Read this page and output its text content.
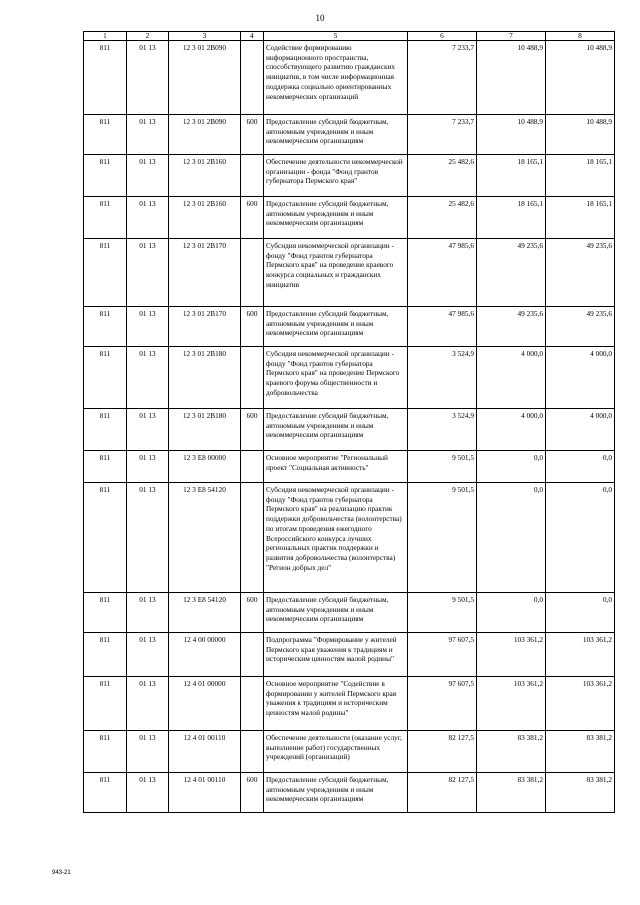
10
1	2	3	4	5	6	7	8
811	01 13	12 3 01 2В090		Содействие формированию информационного пространства, способствующего развитию гражданских инициатив, в том числе информационная поддержка социально ориентированных некоммерческих организаций	7 233,7	10 488,9	10 488,9
811	01 13	12 3 01 2В090	600	Предоставление субсидий бюджетным, автономным учреждениям и иным некоммерческим организациям	7 233,7	10 488,9	10 488,9
811	01 13	12 3 01 2В160		Обеспечение деятельности некоммерческой организации - фонда "Фонд грантов губернатора Пермского края"	25 482,6	18 165,1	18 165,1
811	01 13	12 3 01 2В160	600	Предоставление субсидий бюджетным, автономным учреждениям и иным некоммерческим организациям	25 482,6	18 165,1	18 165,1
811	01 13	12 3 01 2В170		Субсидия некоммерческой организации - фонду "Фонд грантов губернатора Пермского края" на проведение краевого конкурса социальных и гражданских инициатив	47 985,6	49 235,6	49 235,6
811	01 13	12 3 01 2В170	600	Предоставление субсидий бюджетным, автономным учреждениям и иным некоммерческим организациям	47 985,6	49 235,6	49 235,6
811	01 13	12 3 01 2В180		Субсидия некоммерческой организации - фонду "Фонд грантов губернатора Пермского края" на проведение Пермского краевого форума общественности и добровольчества	3 524,9	4 000,0	4 000,0
811	01 13	12 3 01 2В180	600	Предоставление субсидий бюджетным, автономным учреждениям и иным некоммерческим организациям	3 524,9	4 000,0	4 000,0
811	01 13	12 3 E8 00000		Основное мероприятие "Региональный проект "Социальная активность"	9 501,5	0,0	0,0
811	01 13	12 3 E8 54120		Субсидия некоммерческой организации - фонду "Фонд грантов губернатора Пермского края" на реализацию практик поддержки добровольчества (волонтерства) по итогам проведения ежегодного Всероссийского конкурса лучших региональных практик поддержки и развития добровольчества (волонтерства) "Регион добрых дел"	9 501,5	0,0	0,0
811	01 13	12 3 E8 54120	600	Предоставление субсидий бюджетным, автономным учреждениям и иным некоммерческим организациям	9 501,5	0,0	0,0
811	01 13	12 4 00 00000		Подпрограмма "Формирование у жителей Пермского края уважения к традициям и историческим ценностям малой родины"	97 607,5	103 361,2	103 361,2
811	01 13	12 4 01 00000		Основное мероприятие "Содействие в формировании у жителей Пермского края уважения к традициям и историческим ценностям малой родины"	97 607,5	103 361,2	103 361,2
811	01 13	12 4 01 00110		Обеспечение деятельности (оказание услуг, выполнение работ) государственных учреждений (организаций)	82 127,5	83 381,2	83 381,2
811	01 13	12 4 01 00110	600	Предоставление субсидий бюджетным, автономным учреждениям и иным некоммерческим организациям	82 127,5	83 381,2	83 381,2
943-21
